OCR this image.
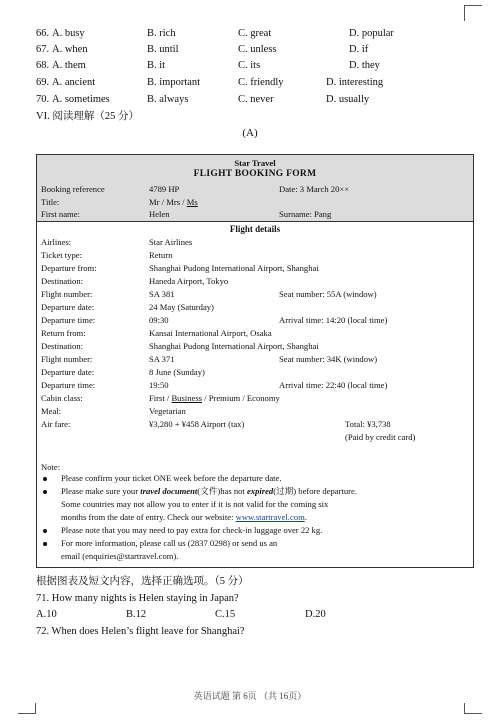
66. A. busy	B. rich	C. great	D. popular
67. A. when	B. until	C. unless	D. if
68. A. them	B. it	C. its	D. they
69. A. ancient	B. important	C. friendly	D. interesting
70. A. sometimes	B. always	C. never	D. usually
VI. 阅读理解（25 分）
(A)
Star Travel
FLIGHT BOOKING FORM
Booking reference	4789 HP	Date: 3 March 20××
Title:	Mr / Mrs / Ms
First name:	Helen	Surname: Pang
Flight details
Airlines:	Star Airlines
Ticket type:	Return
Departure from:	Shanghai Pudong International Airport, Shanghai
Destination:	Haneda Airport, Tokyo
Flight number:	SA 381	Seat number: 55A (window)
Departure date:	24 May (Saturday)
Departure time:	09:30	Arrival time: 14:20 (local time)
Return from:	Kansai International Airport, Osaka
Destination:	Shanghai Pudong International Airport, Shanghai
Flight number:	SA 371	Seat number: 34K (window)
Departure date:	8 June (Sunday)
Departure time:	19:50	Arrival time: 22:40 (local time)
Cabin class:	First / Business / Premium / Economy
Meal:	Vegetarian
Air fare:	¥3,280 + ¥458 Airport (tax)	Total: ¥3,738
(Paid by credit card)
Note:
Please confirm your ticket ONE week before the departure date.
Please make sure your travel document(文件)has not expired(过期) before departure.
Some countries may not allow you to enter if it is not valid for the coming six
months from the date of entry. Check our website: www.startravel.com.
Please note that you may need to pay extra for check-in luggage over 22 kg.
For more information, please call us (2837 0298) or send us an
email (enquiries@startravel.com).
根据图表及短文内容，选择正确选项。（5 分）
71. How many nights is Helen staying in Japan?
A.10	B.12	C.15	D.20
72. When does Helen’s flight leave for Shanghai?
英语试题 第 6页 （共 16页）
